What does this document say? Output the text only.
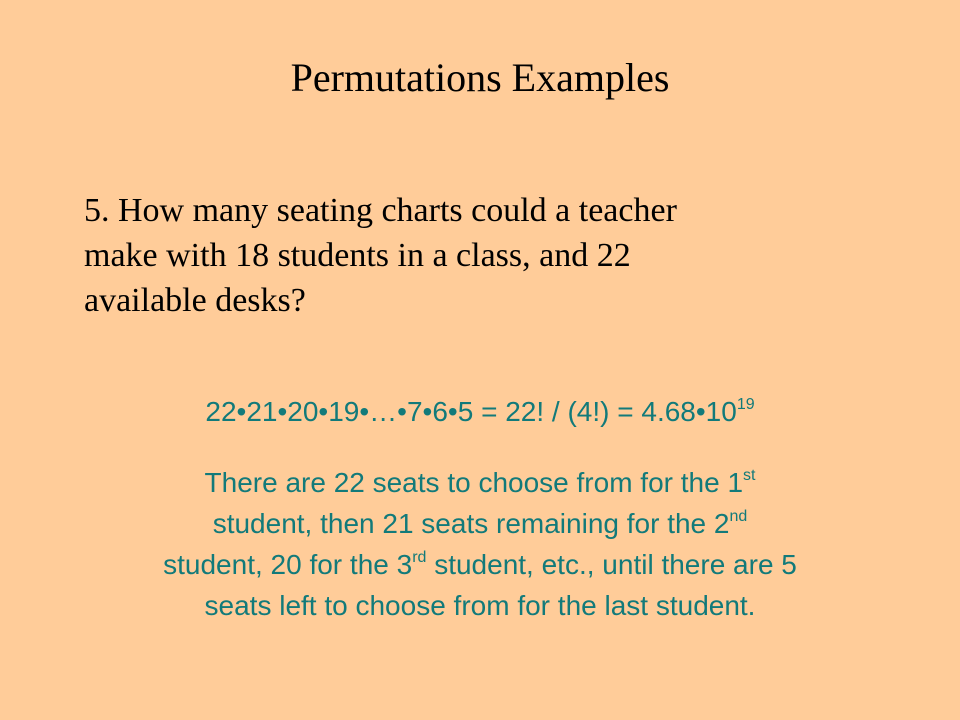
Permutations Examples
5. How many seating charts could a teacher
make with 18 students in a class, and 22
available desks?
22•21•20•19•…•7•6•5 = 22! / $(4!) = 4.68•10^{19}$
There are 22 seats to choose from for the 1st
student, then 21 seats remaining for the 2nd
student, 20 for the 3rd student, etc., until there are 5
seats left to choose from for the last student.
